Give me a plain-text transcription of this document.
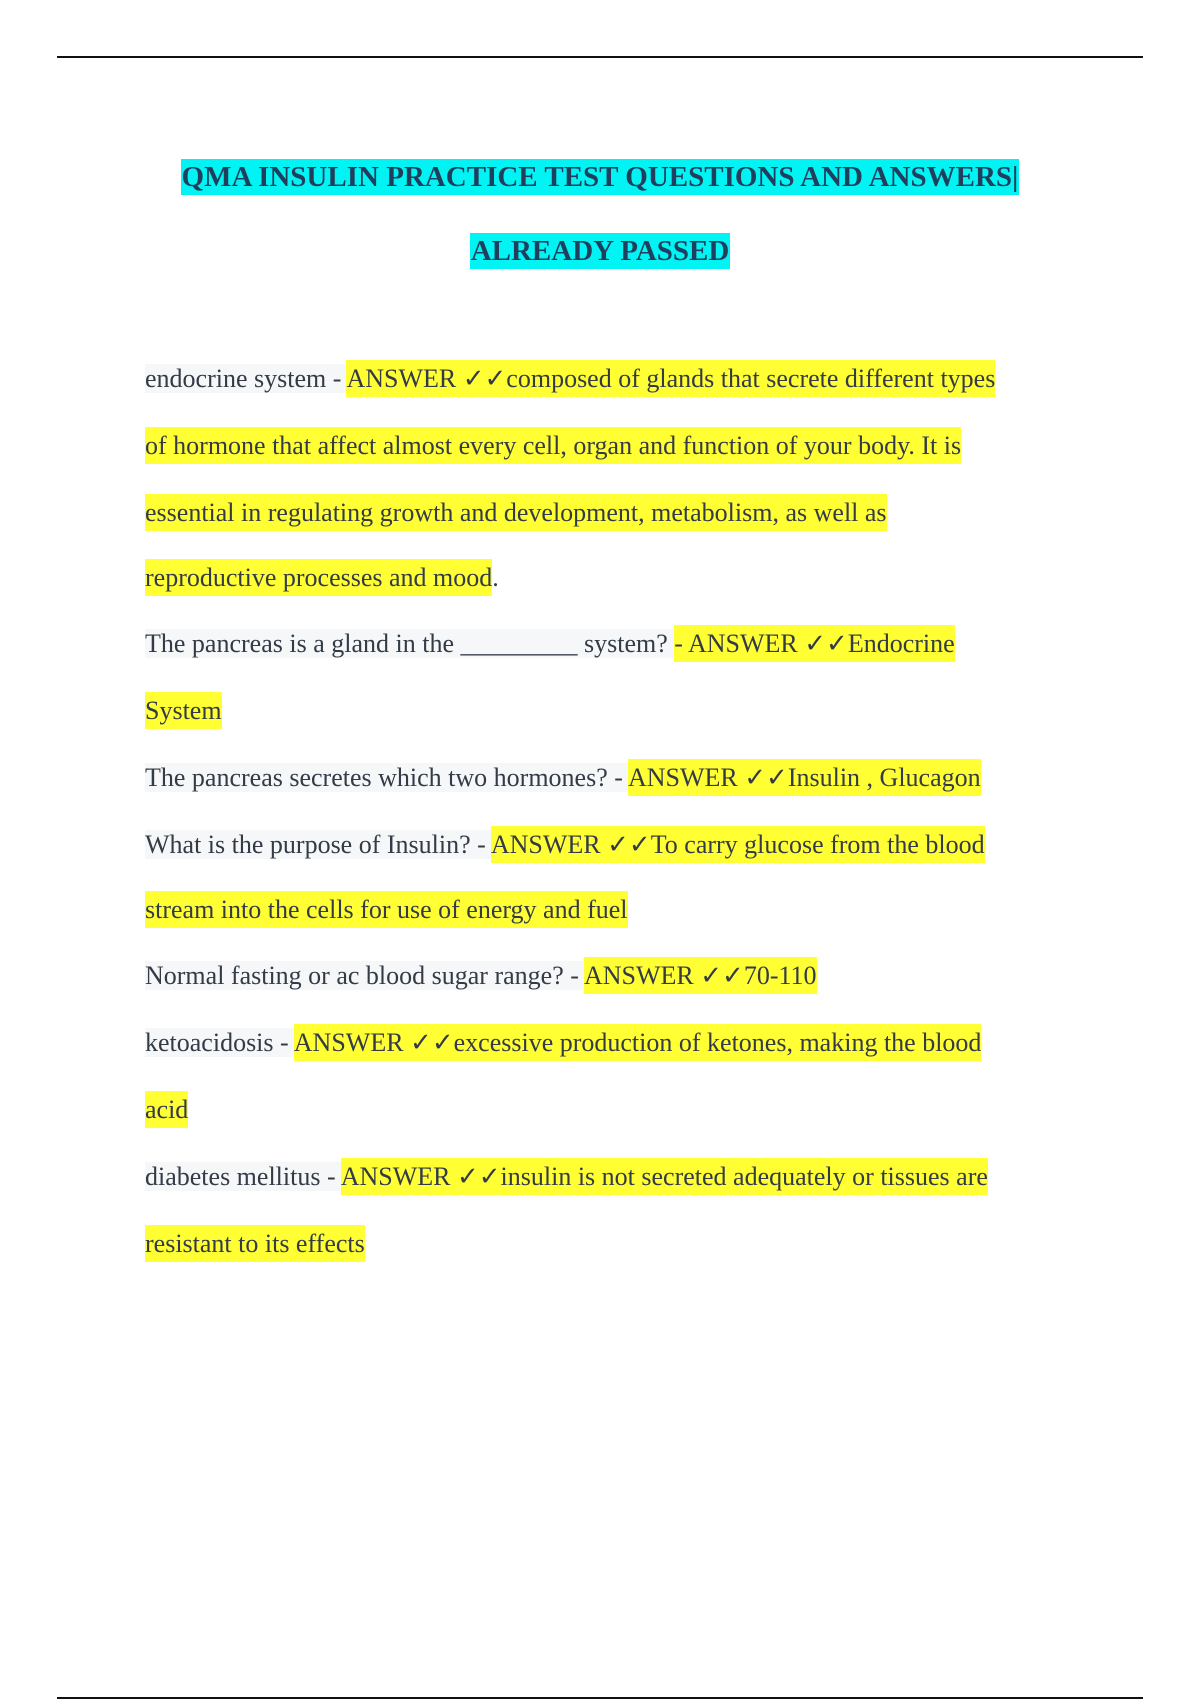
QMA INSULIN PRACTICE TEST QUESTIONS AND ANSWERS|
ALREADY PASSED
endocrine system - ANSWER ✓✓composed of glands that secrete different types
of hormone that affect almost every cell, organ and function of your body. It is
essential in regulating growth and development, metabolism, as well as
reproductive processes and mood.
The pancreas is a gland in the _________ system? - ANSWER ✓✓Endocrine
System
The pancreas secretes which two hormones? - ANSWER ✓✓Insulin , Glucagon
What is the purpose of Insulin? - ANSWER ✓✓To carry glucose from the blood
stream into the cells for use of energy and fuel
Normal fasting or ac blood sugar range? - ANSWER ✓✓70-110
ketoacidosis - ANSWER ✓✓excessive production of ketones, making the blood
acid
diabetes mellitus - ANSWER ✓✓insulin is not secreted adequately or tissues are
resistant to its effects
